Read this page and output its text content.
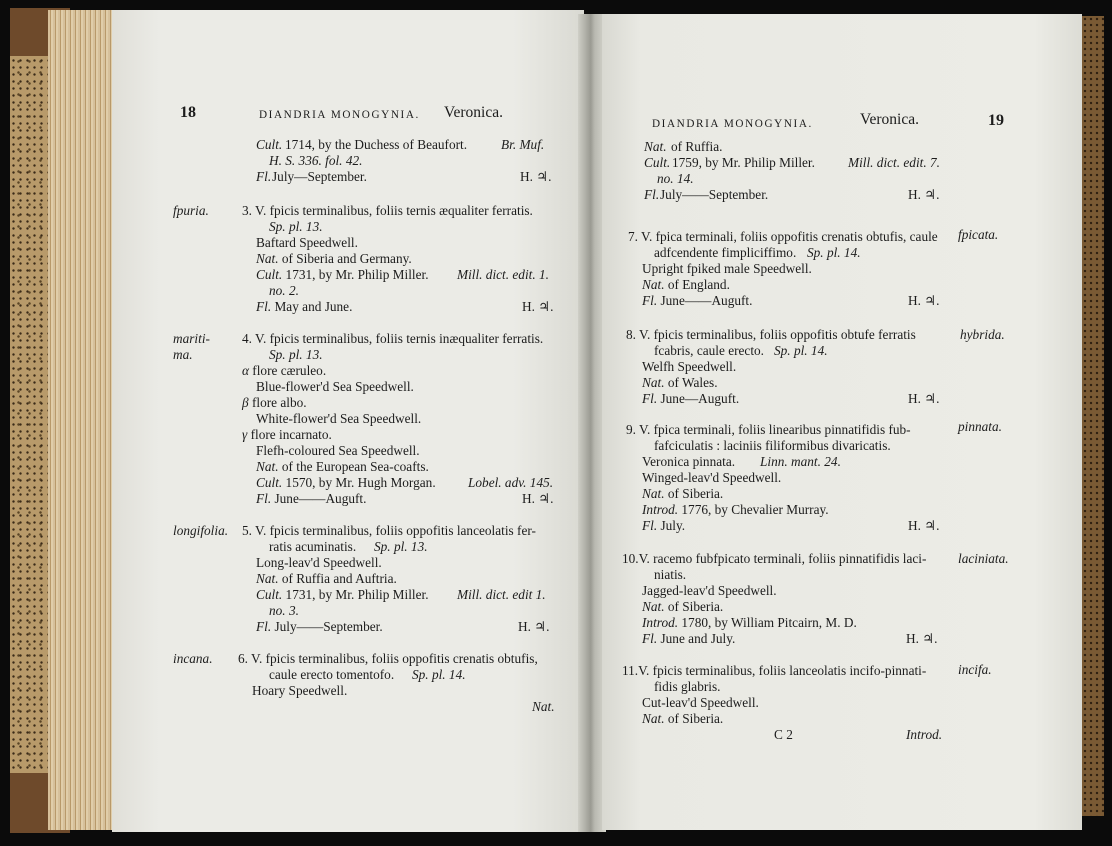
18	DIANDRIA MONOGYNIA. Veronica.
Cult. 1714, by the Duchess of Beaufort.	Br. Muf.
H. S. 336. fol. 42.
Fl. July—September.	H. ♃.
fpuria. 3. V. fpicis terminalibus, foliis ternis æqualiter ferratis.
Sp. pl. 13.
Baftard Speedwell.
Nat. of Siberia and Germany.
Cult. 1731, by Mr. Philip Miller. Mill. dict. edit. 1.
no. 2.
Fl. May and June.	H. ♃.
mariti-
ma.
4. V. fpicis terminalibus, foliis ternis inæqualiter ferratis.
Sp. pl. 13.
α flore cæruleo.
Blue-flower'd Sea Speedwell.
β flore albo.
White-flower'd Sea Speedwell.
γ flore incarnato.
Flefh-coloured Sea Speedwell.
Nat. of the European Sea-coafts.
Cult. 1570, by Mr. Hugh Morgan. Lobel. adv. 145.
Fl. June——Auguft.	H. ♃.
longifolia. 5. V. fpicis terminalibus, foliis oppofitis lanceolatis fer-
ratis acuminatis. Sp. pl. 13.
Long-leav'd Speedwell.
Nat. of Ruffia and Auftria.
Cult. 1731, by Mr. Philip Miller. Mill. dict. edit 1.
no. 3.
Fl. July——September.	H. ♃.
incana. 6. V. fpicis terminalibus, foliis oppofitis crenatis obtufis,
caule erecto tomentofo. Sp. pl. 14.
Hoary Speedwell.
Nat.
DIANDRIA MONOGYNIA.	Veronica.	19
Nat. of Ruffia.
Cult. 1759, by Mr. Philip Miller. Mill. dict. edit. 7.
no. 14.
Fl. July——September.	H. ♃.
fpicata.
7. V. fpica terminali, foliis oppofitis crenatis obtufis, caule
adfcendente fimpliciffimo. Sp. pl. 14.
Upright fpiked male Speedwell.
Nat. of England.
Fl. June——Auguft.	H. ♃.
hybrida.
8. V. fpicis terminalibus, foliis oppofitis obtufe ferratis
fcabris, caule erecto. Sp. pl. 14.
Welfh Speedwell.
Nat. of Wales.
Fl. June—Auguft.	H. ♃.
pinnata.
9. V. fpica terminali, foliis linearibus pinnatifidis fub-
fafciculatis : laciniis filiformibus divaricatis.
Veronica pinnata. Linn. mant. 24.
Winged-leav'd Speedwell.
Nat. of Siberia.
Introd. 1776, by Chevalier Murray.
Fl. July.	H. ♃.
laciniata.
10.V. racemo fubfpicato terminali, foliis pinnatifidis laci-
niatis.
Jagged-leav'd Speedwell.
Nat. of Siberia.
Introd. 1780, by William Pitcairn, M. D.
Fl. June and July.	H. ♃.
incifa.
11.V. fpicis terminalibus, foliis lanceolatis incifo-pinnati-
fidis glabris.
Cut-leav'd Speedwell.
Nat. of Siberia.
C 2	Introd.
